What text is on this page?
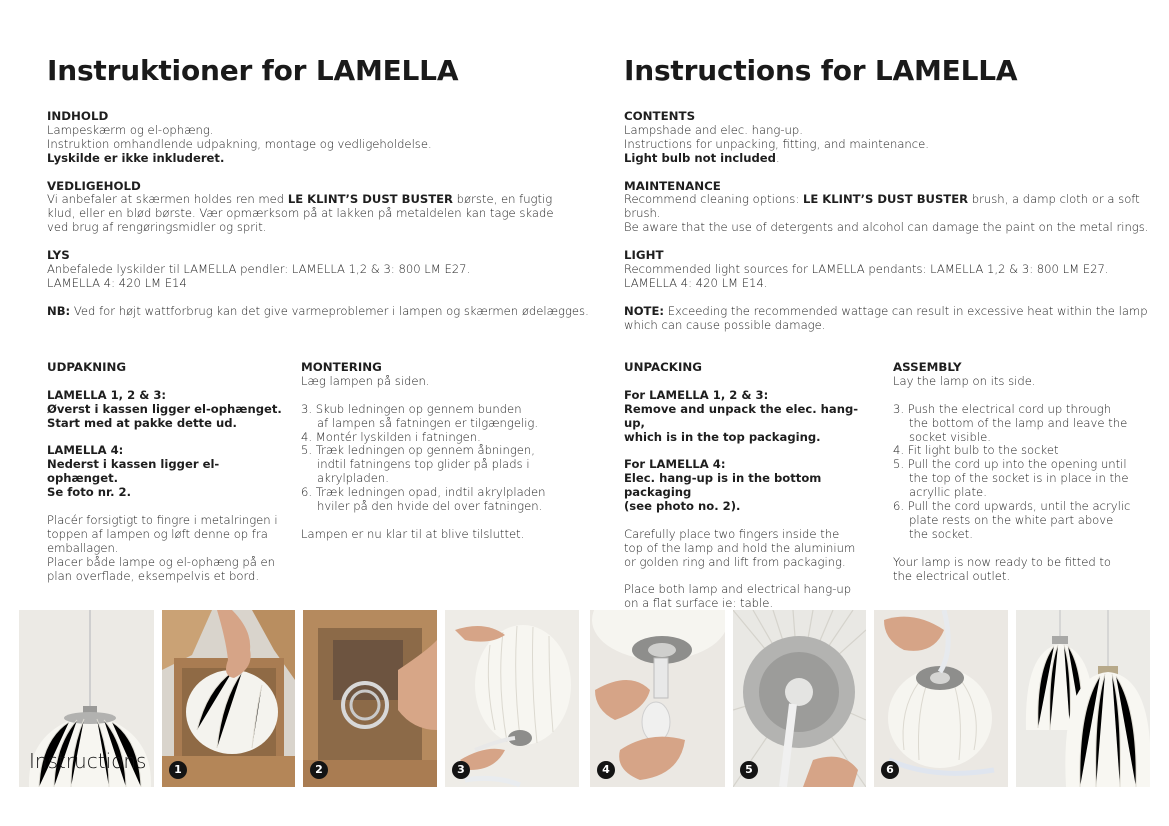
Instruktioner for LAMELLA
INDHOLD

Lampeskærm og el-ophæng.

Instruktion omhandlende udpakning, montage og vedligeholdelse.

Lyskilde er ikke inkluderet.

VEDLIGEHOLD

Vi anbefaler at skærmen holdes ren med LE KLINT’S DUST BUSTER børste, en fugtig

klud, eller en blød børste. Vær opmærksom på at lakken på metaldelen kan tage skade

ved brug af rengøringsmidler og sprit.

LYS

Anbefalede lyskilder til LAMELLA pendler: LAMELLA 1,2 & 3: 800 LM E27.

LAMELLA 4: 420 LM E14

NB: Ved for højt wattforbrug kan det give varmeproblemer i lampen og skærmen ødelægges.

UDPAKNING

LAMELLA 1, 2 & 3:

Øverst i kassen ligger el-ophænget.

Start med at pakke dette ud.

LAMELLA 4:

Nederst i kassen ligger el-ophænget.

Se foto nr. 2.

Placér forsigtigt to fingre i metalringen i

toppen af lampen og løft denne op fra

emballagen.

Placer både lampe og el-ophæng på en

plan overflade, eksempelvis et bord.

MONTERING

Læg lampen på siden.

3. Skub ledningen op gennem bunden
af lampen så fatningen er tilgængelig.

4. Montér lyskilden i fatningen.

5. Træk ledningen op gennem åbningen,
indtil fatningens top glider på plads i
akrylpladen.

6. Træk ledningen opad, indtil akrylpladen
hviler på den hvide del over fatningen.

Lampen er nu klar til at blive tilsluttet.

Instructions for LAMELLA
CONTENTS

Lampshade and elec. hang-up.

Instructions for unpacking, fitting, and maintenance.

Light bulb not included.

MAINTENANCE

Recommend cleaning options: LE KLINT’S DUST BUSTER brush, a damp cloth or a soft brush.

Be aware that the use of detergents and alcohol can damage the paint on the metal rings.

LIGHT

Recommended light sources for LAMELLA pendants: LAMELLA 1,2 & 3: 800 LM E27.

LAMELLA 4: 420 LM E14.

NOTE: Exceeding the recommended wattage can result in excessive heat within the lamp

which can cause possible damage.

UNPACKING

For LAMELLA 1, 2 & 3:

Remove and unpack the elec. hang-up,

which is in the top packaging.

For LAMELLA 4:

Elec. hang-up is in the bottom packaging

(see photo no. 2).

Carefully place two fingers inside the

top of the lamp and hold the aluminium

or golden ring and lift from packaging.

Place both lamp and electrical hang-up

on a flat surface ie: table.

ASSEMBLY

Lay the lamp on its side.

3. Push the electrical cord up through
the bottom of the lamp and leave the
socket visible.

4. Fit light bulb to the socket

5. Pull the cord up into the opening until
the top of the socket is in place in the
acryllic plate.

6. Pull the cord upwards, until the acrylic
plate rests on the white part above
the socket.

Your lamp is now ready to be fitted to

the electrical outlet.

Instructions	1	2	3	4	5	6
